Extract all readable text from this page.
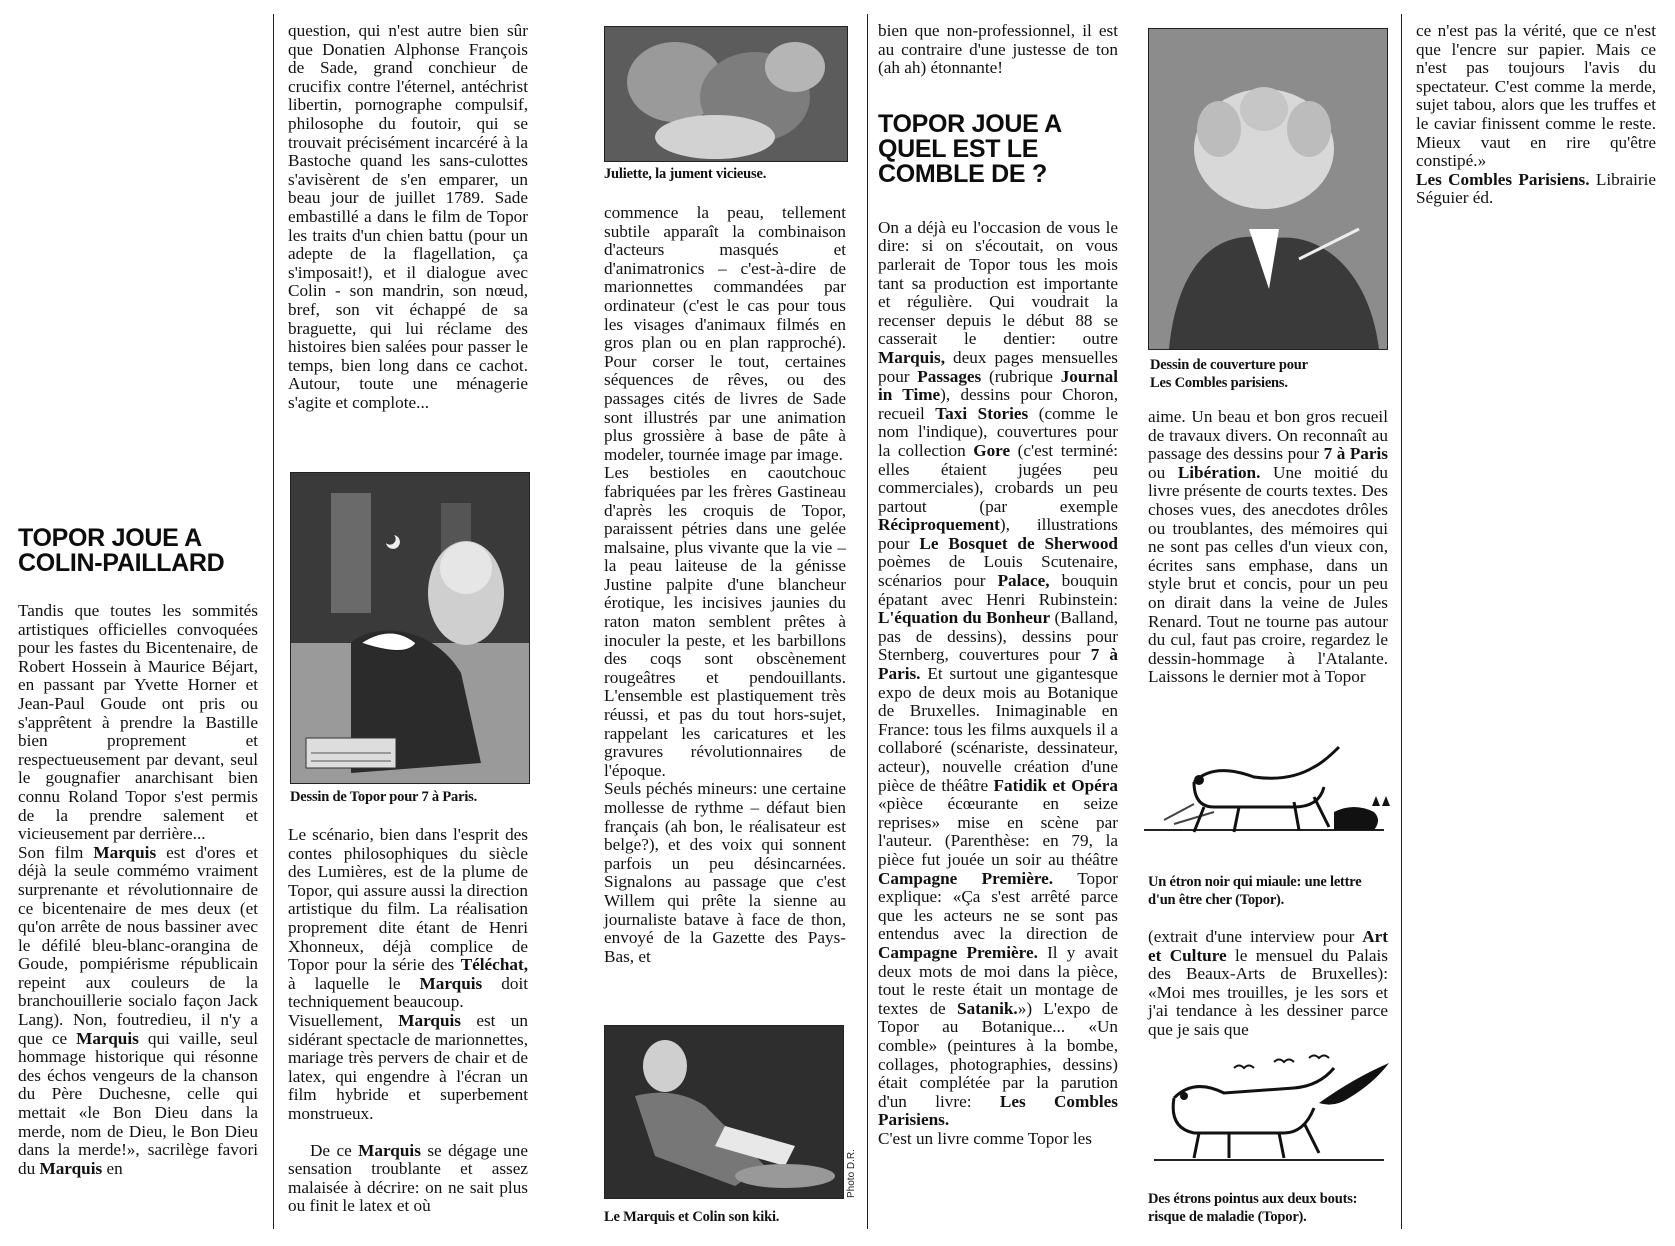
TOPOR JOUE A
COLIN-PAILLARD

Tandis que toutes les sommités artistiques officielles convoquées pour les fastes du Bicentenaire, de Robert Hossein à Maurice Béjart, en passant par Yvette Horner et Jean-Paul Goude ont pris ou s'apprêtent à prendre la Bastille bien proprement et respectueusement par devant, seul le gougnafier anarchisant bien connu Roland Topor s'est permis de la prendre salement et vicieusement par derrière...

Son film Marquis est d'ores et déjà la seule commémo vraiment surprenante et révolutionnaire de ce bicentenaire de mes deux (et qu'on arrête de nous bassiner avec le défilé bleu-blanc-orangina de Goude, pompiérisme républicain repeint aux couleurs de la branchouillerie socialo façon Jack Lang). Non, foutredieu, il n'y a que ce Marquis qui vaille, seul hommage historique qui résonne des échos vengeurs de la chanson du Père Duchesne, celle qui mettait «le Bon Dieu dans la merde, nom de Dieu, le Bon Dieu dans la merde!», sacrilège favori du Marquis en

question, qui n'est autre bien sûr que Donatien Alphonse François de Sade, grand conchieur de crucifix contre l'éternel, antéchrist libertin, pornographe compulsif, philosophe du foutoir, qui se trouvait précisément incarcéré à la Bastoche quand les sans-culottes s'avisèrent de s'en emparer, un beau jour de juillet 1789. Sade embastillé a dans le film de Topor les traits d'un chien battu (pour un adepte de la flagellation, ça s'imposait!), et il dialogue avec Colin - son mandrin, son nœud, bref, son vit échappé de sa braguette, qui lui réclame des histoires bien salées pour passer le temps, bien long dans ce cachot. Autour, toute une ménagerie s'agite et complote...

Dessin de Topor pour 7 à Paris.

Le scénario, bien dans l'esprit des contes philosophiques du siècle des Lumières, est de la plume de Topor, qui assure aussi la direction artistique du film. La réalisation proprement dite étant de Henri Xhonneux, déjà complice de Topor pour la série des Téléchat, à laquelle le Marquis doit techniquement beaucoup.

Visuellement, Marquis est un sidérant spectacle de marionnettes, mariage très pervers de chair et de latex, qui engendre à l'écran un film hybride et superbement monstrueux.

De ce Marquis se dégage une sensation troublante et assez malaisée à décrire: on ne sait plus ou finit le latex et où

Juliette, la jument vicieuse.

commence la peau, tellement subtile apparaît la combinaison d'acteurs masqués et d'animatronics – c'est-à-dire de marionnettes commandées par ordinateur (c'est le cas pour tous les visages d'animaux filmés en gros plan ou en plan rapproché). Pour corser le tout, certaines séquences de rêves, ou des passages cités de livres de Sade sont illustrés par une animation plus grossière à base de pâte à modeler, tournée image par image.

Les bestioles en caoutchouc fabriquées par les frères Gastineau d'après les croquis de Topor, paraissent pétries dans une gelée malsaine, plus vivante que la vie – la peau laiteuse de la génisse Justine palpite d'une blancheur érotique, les incisives jaunies du raton maton semblent prêtes à inoculer la peste, et les barbillons des coqs sont obscènement rougeâtres et pendouillants. L'ensemble est plastiquement très réussi, et pas du tout hors-sujet, rappelant les caricatures et les gravures révolutionnaires de l'époque.

Seuls péchés mineurs: une certaine mollesse de rythme – défaut bien français (ah bon, le réalisateur est belge?), et des voix qui sonnent parfois un peu désincarnées. Signalons au passage que c'est Willem qui prête la sienne au journaliste batave à face de thon, envoyé de la Gazette des Pays-Bas, et

Photo D.R.
Le Marquis et Colin son kiki.

bien que non-professionnel, il est au contraire d'une justesse de ton (ah ah) étonnante!

TOPOR JOUE A
QUEL EST LE
COMBLE DE ?

On a déjà eu l'occasion de vous le dire: si on s'écoutait, on vous parlerait de Topor tous les mois tant sa production est importante et régulière. Qui voudrait la recenser depuis le début 88 se casserait le dentier: outre Marquis, deux pages mensuelles pour Passages (rubrique Journal in Time), dessins pour Choron, recueil Taxi Stories (comme le nom l'indique), couvertures pour la collection Gore (c'est terminé: elles étaient jugées peu commerciales), crobards un peu partout (par exemple Réciproquement), illustrations pour Le Bosquet de Sherwood poèmes de Louis Scutenaire, scénarios pour Palace, bouquin épatant avec Henri Rubinstein: L'équation du Bonheur (Balland, pas de dessins), dessins pour Sternberg, couvertures pour 7 à Paris. Et surtout une gigantesque expo de deux mois au Botanique de Bruxelles. Inimaginable en France: tous les films auxquels il a collaboré (scénariste, dessinateur, acteur), nouvelle création d'une pièce de théâtre Fatidik et Opéra «pièce écœurante en seize reprises» mise en scène par l'auteur. (Parenthèse: en 79, la pièce fut jouée un soir au théâtre Campagne Première. Topor explique: «Ça s'est arrêté parce que les acteurs ne se sont pas entendus avec la direction de Campagne Première. Il y avait deux mots de moi dans la pièce, tout le reste était un montage de textes de Satanik.») L'expo de Topor au Botanique... «Un comble» (peintures à la bombe, collages, photographies, dessins) était complétée par la parution d'un livre: Les Combles Parisiens.

C'est un livre comme Topor les

Dessin de couverture pour
Les Combles parisiens.

aime. Un beau et bon gros recueil de travaux divers. On reconnaît au passage des dessins pour 7 à Paris ou Libération. Une moitié du livre présente de courts textes. Des choses vues, des anecdotes drôles ou troublantes, des mémoires qui ne sont pas celles d'un vieux con, écrites sans emphase, dans un style brut et concis, pour un peu on dirait dans la veine de Jules Renard. Tout ne tourne pas autour du cul, faut pas croire, regardez le dessin-hommage à l'Atalante. Laissons le dernier mot à Topor

Un étron noir qui miaule: une lettre d'un être cher (Topor).

(extrait d'une interview pour Art et Culture le mensuel du Palais des Beaux-Arts de Bruxelles): «Moi mes trouilles, je les sors et j'ai tendance à les dessiner parce que je sais que

Des étrons pointus aux deux bouts: risque de maladie (Topor).

ce n'est pas la vérité, que ce n'est que l'encre sur papier. Mais ce n'est pas toujours l'avis du spectateur. C'est comme la merde, sujet tabou, alors que les truffes et le caviar finissent comme le reste. Mieux vaut en rire qu'être constipé.»

Les Combles Parisiens. Librairie Séguier éd.
